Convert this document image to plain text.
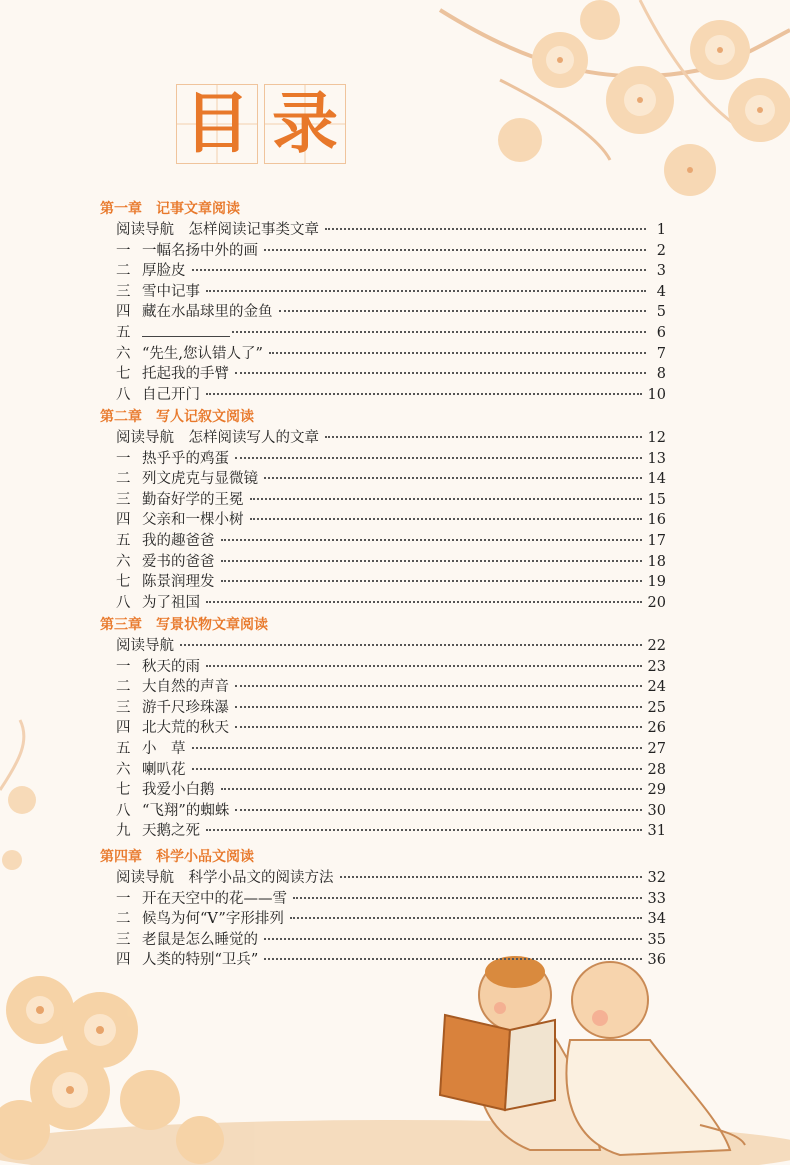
目 录
第一章　记事文章阅读
阅读导航　怎样阅读记事类文章	1
一 一幅名扬中外的画	2
二 厚脸皮	3
三 雪中记事	4
四 藏在水晶球里的金鱼	5
五	6
六 “先生,您认错人了”	7
七 托起我的手臂	8
八 自己开门	10
第二章　写人记叙文阅读
阅读导航　怎样阅读写人的文章	12
一 热乎乎的鸡蛋	13
二 列文虎克与显微镜	14
三 勤奋好学的王冕	15
四 父亲和一棵小树	16
五 我的趣爸爸	17
六 爱书的爸爸	18
七 陈景润理发	19
八 为了祖国	20
第三章　写景状物文章阅读
阅读导航	22
一 秋天的雨	23
二 大自然的声音	24
三 游千尺珍珠瀑	25
四 北大荒的秋天	26
五 小　草	27
六 喇叭花	28
七 我爱小白鹅	29
八 “飞翔”的蜘蛛	30
九 天鹅之死	31
第四章　科学小品文阅读
阅读导航　科学小品文的阅读方法	32
一 开在天空中的花——雪	33
二 候鸟为何“V”字形排列	34
三 老鼠是怎么睡觉的	35
四 人类的特别“卫兵”	36
